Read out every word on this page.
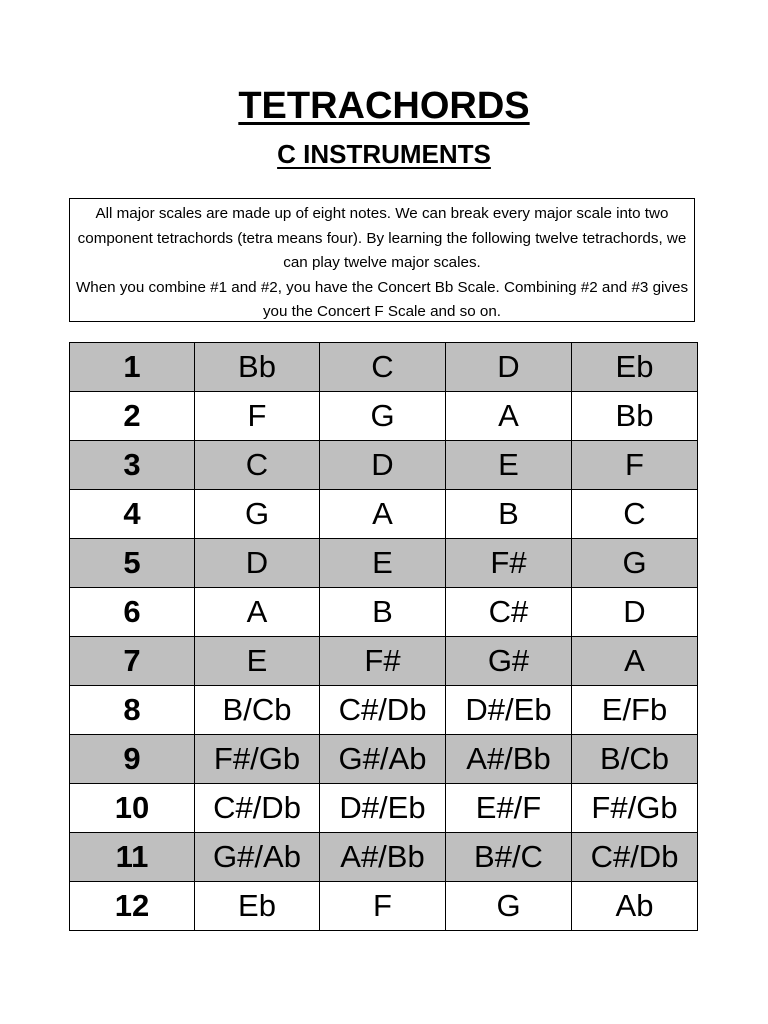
TETRACHORDS
C INSTRUMENTS

All major scales are made up of eight notes. We can break every major scale into two component tetrachords (tetra means four). By learning the following twelve tetrachords, we can play twelve major scales.

When you combine #1 and #2, you have the Concert Bb Scale. Combining #2 and #3 gives you the Concert F Scale and so on.

1	Bb	C	D	Eb
2	F	G	A	Bb
3	C	D	E	F
4	G	A	B	C
5	D	E	F#	G
6	A	B	C#	D
7	E	F#	G#	A
8	B/Cb	C#/Db	D#/Eb	E/Fb
9	F#/Gb	G#/Ab	A#/Bb	B/Cb
10	C#/Db	D#/Eb	E#/F	F#/Gb
11	G#/Ab	A#/Bb	B#/C	C#/Db
12	Eb	F	G	Ab
